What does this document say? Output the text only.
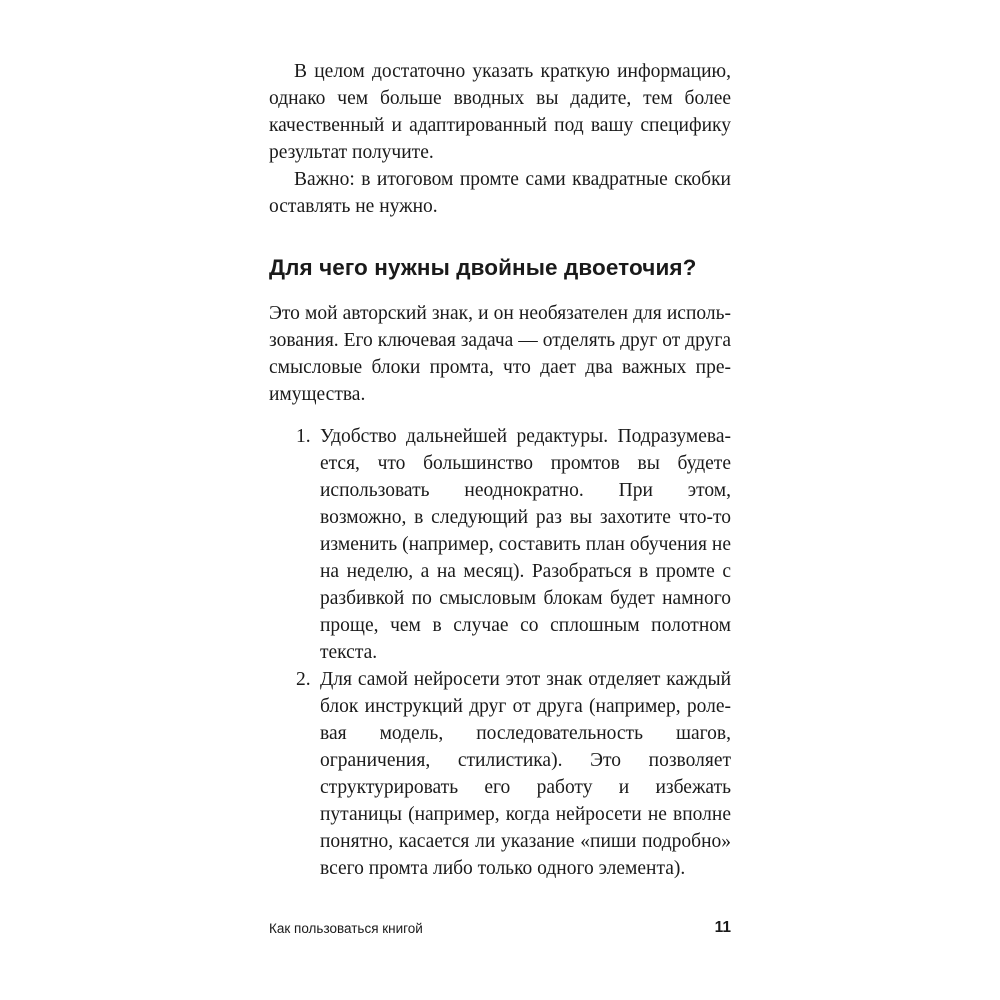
В целом достаточно указать краткую информацию, однако чем больше вводных вы дадите, тем более качественный и адаптированный под вашу специфику результат получите.

Важно: в итоговом промте сами квадратные скобки оставлять не нужно.

Для чего нужны двойные двоеточия?

Это мой авторский знак, и он необязателен для использования. Его ключевая задача — отделять друг от друга смысловые блоки промта, что дает два важных преимущества.

1. Удобство дальнейшей редактуры. Подразумевается, что большинство промтов вы будете использовать неоднократно. При этом, возможно, в следующий раз вы захотите что-то изменить (например, составить план обучения не на неделю, а на месяц). Разобраться в промте с разбивкой по смысловым блокам будет намного проще, чем в случае со сплошным полотном текста.

2. Для самой нейросети этот знак отделяет каждый блок инструкций друг от друга (например, ролевая модель, последовательность шагов, ограничения, стилистика). Это позволяет структурировать его работу и избежать путаницы (например, когда нейросети не вполне понятно, касается ли указание «пиши подробно» всего промта либо только одного элемента).

Как пользоваться книгой	11
